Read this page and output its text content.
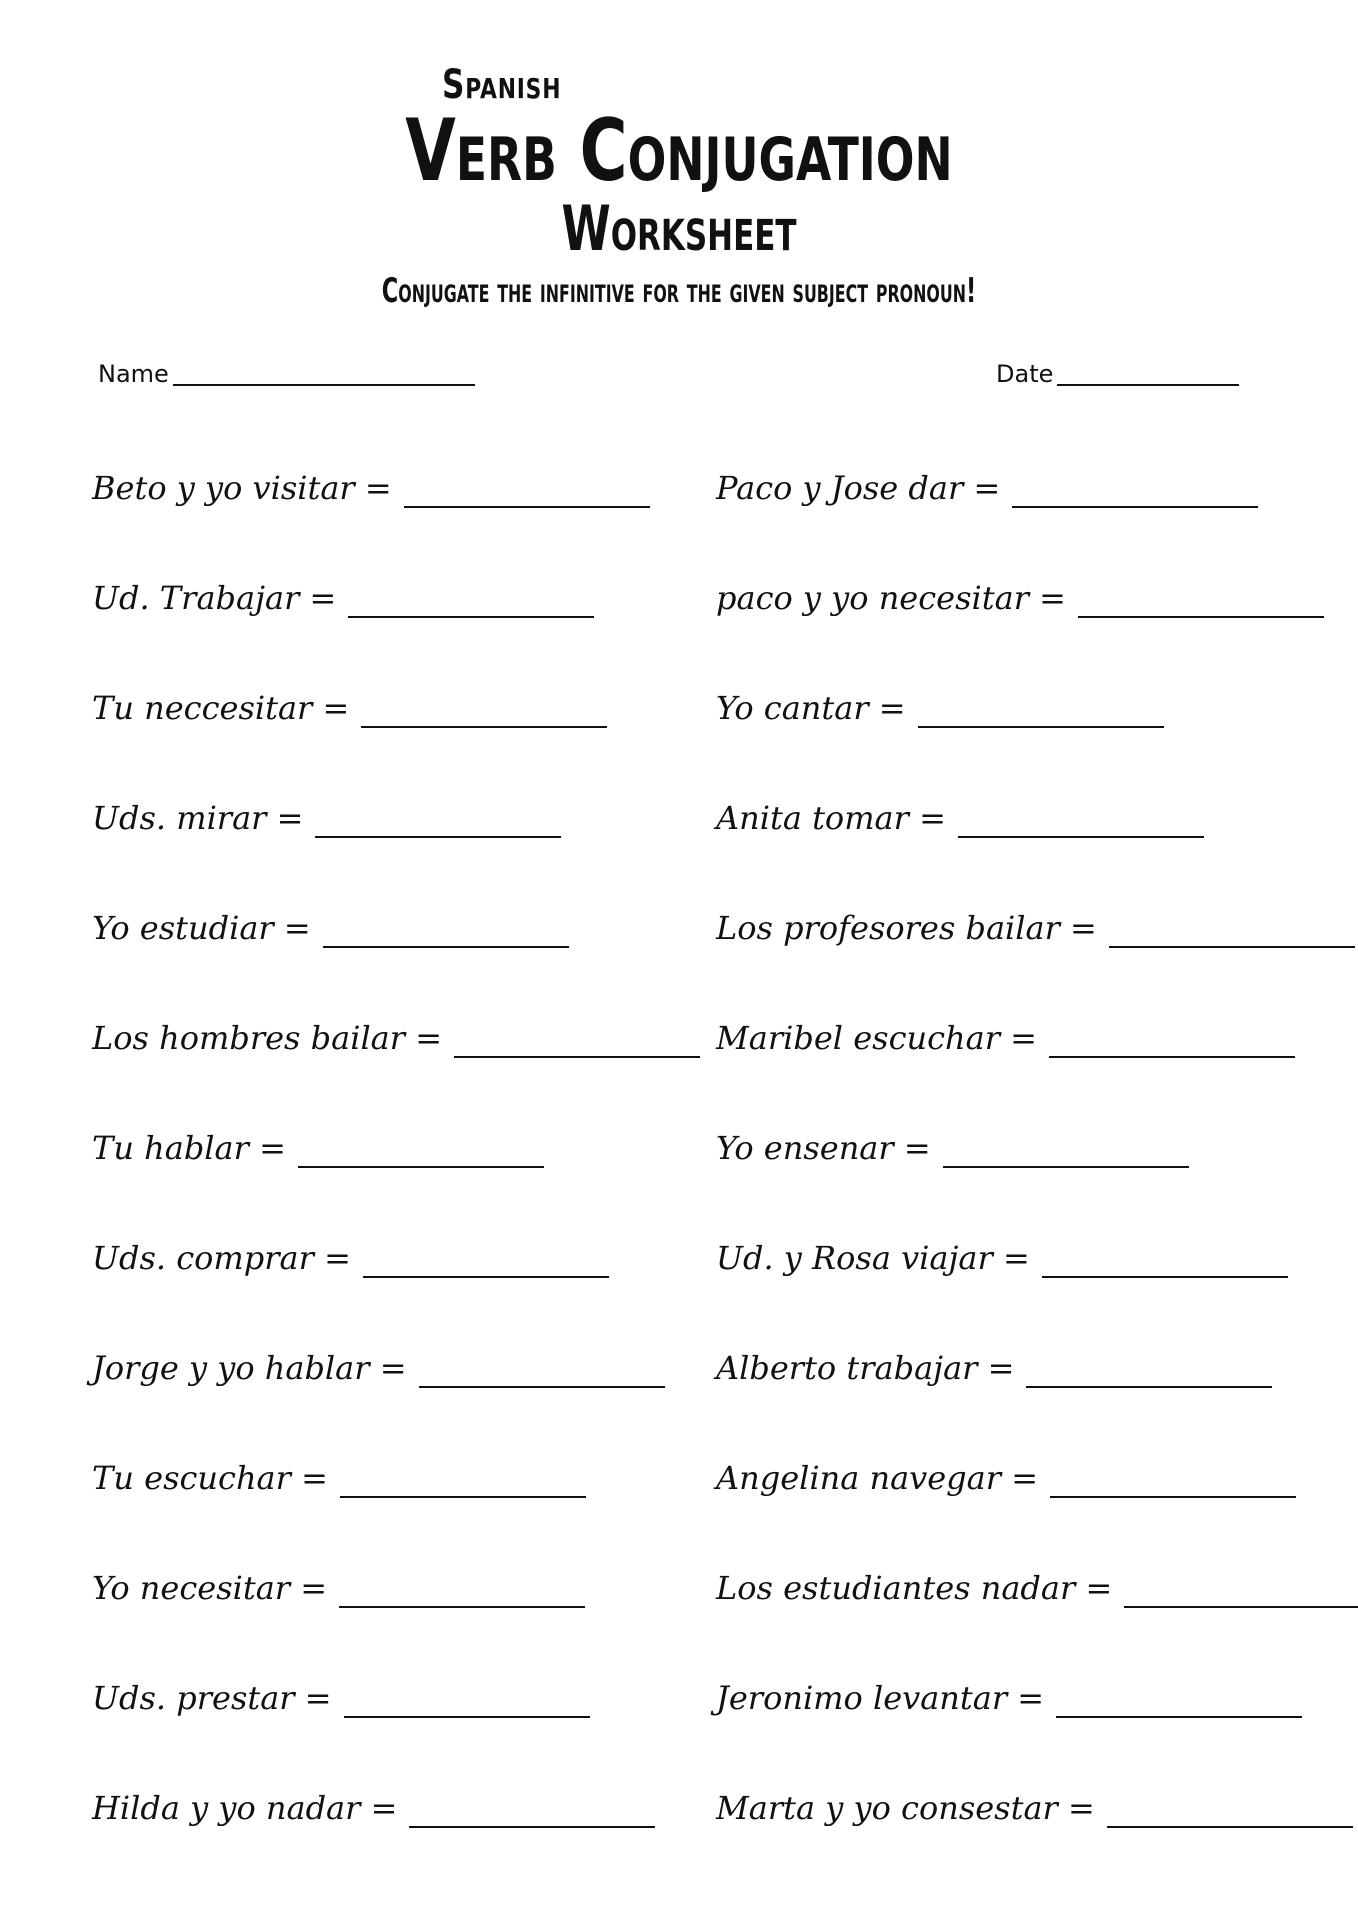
Spanish
Verb Conjugation
Worksheet
Conjugate the infinitive for the given subject pronoun!
Name	Date
Beto y yo visitar =
Ud. Trabajar =
Tu neccesitar =
Uds. mirar =
Yo estudiar =
Los hombres bailar =
Tu hablar =
Uds. comprar =
Jorge y yo hablar =
Tu escuchar =
Yo necesitar =
Uds. prestar =
Hilda y yo nadar =
Paco y Jose dar =
paco y yo necesitar =
Yo cantar =
Anita tomar =
Los profesores bailar =
Maribel escuchar =
Yo ensenar =
Ud. y Rosa viajar =
Alberto trabajar =
Angelina navegar =
Los estudiantes nadar =
Jeronimo levantar =
Marta y yo consestar =
